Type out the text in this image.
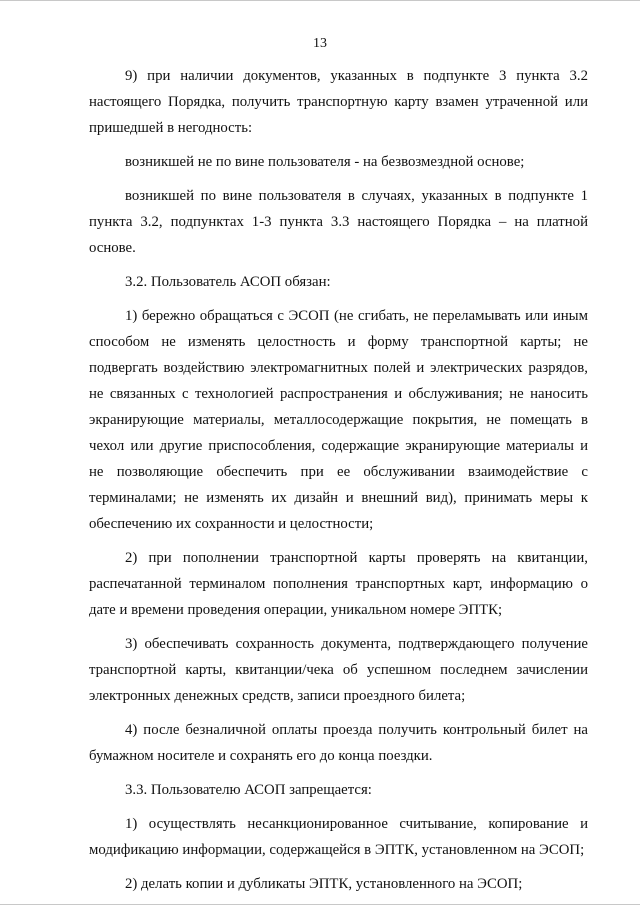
13

9) при наличии документов, указанных в подпункте 3 пункта 3.2 настоящего Порядка, получить транспортную карту взамен утраченной или пришедшей в негодность:

возникшей не по вине пользователя - на безвозмездной основе;

возникшей по вине пользователя в случаях, указанных в подпункте 1 пункта 3.2, подпунктах 1-3 пункта 3.3 настоящего Порядка – на платной основе.

3.2. Пользователь АСОП обязан:

1) бережно обращаться с ЭСОП (не сгибать, не переламывать или иным способом не изменять целостность и форму транспортной карты; не подвергать воздействию электромагнитных полей и электрических разрядов, не связанных с технологией распространения и обслуживания; не наносить экранирующие материалы, металлосодержащие покрытия, не помещать в чехол или другие приспособления, содержащие экранирующие материалы и не позволяющие обеспечить при ее обслуживании взаимодействие с терминалами; не изменять их дизайн и внешний вид), принимать меры к обеспечению их сохранности и целостности;

2) при пополнении транспортной карты проверять на квитанции, распечатанной терминалом пополнения транспортных карт, информацию о дате и времени проведения операции, уникальном номере ЭПТК;

3) обеспечивать сохранность документа, подтверждающего получение транспортной карты, квитанции/чека об успешном последнем зачислении электронных денежных средств, записи проездного билета;

4) после безналичной оплаты проезда получить контрольный билет на бумажном носителе и сохранять его до конца поездки.

3.3. Пользователю АСОП запрещается:

1) осуществлять несанкционированное считывание, копирование и модификацию информации, содержащейся в ЭПТК, установленном на ЭСОП;

2) делать копии и дубликаты ЭПТК, установленного на ЭСОП;
